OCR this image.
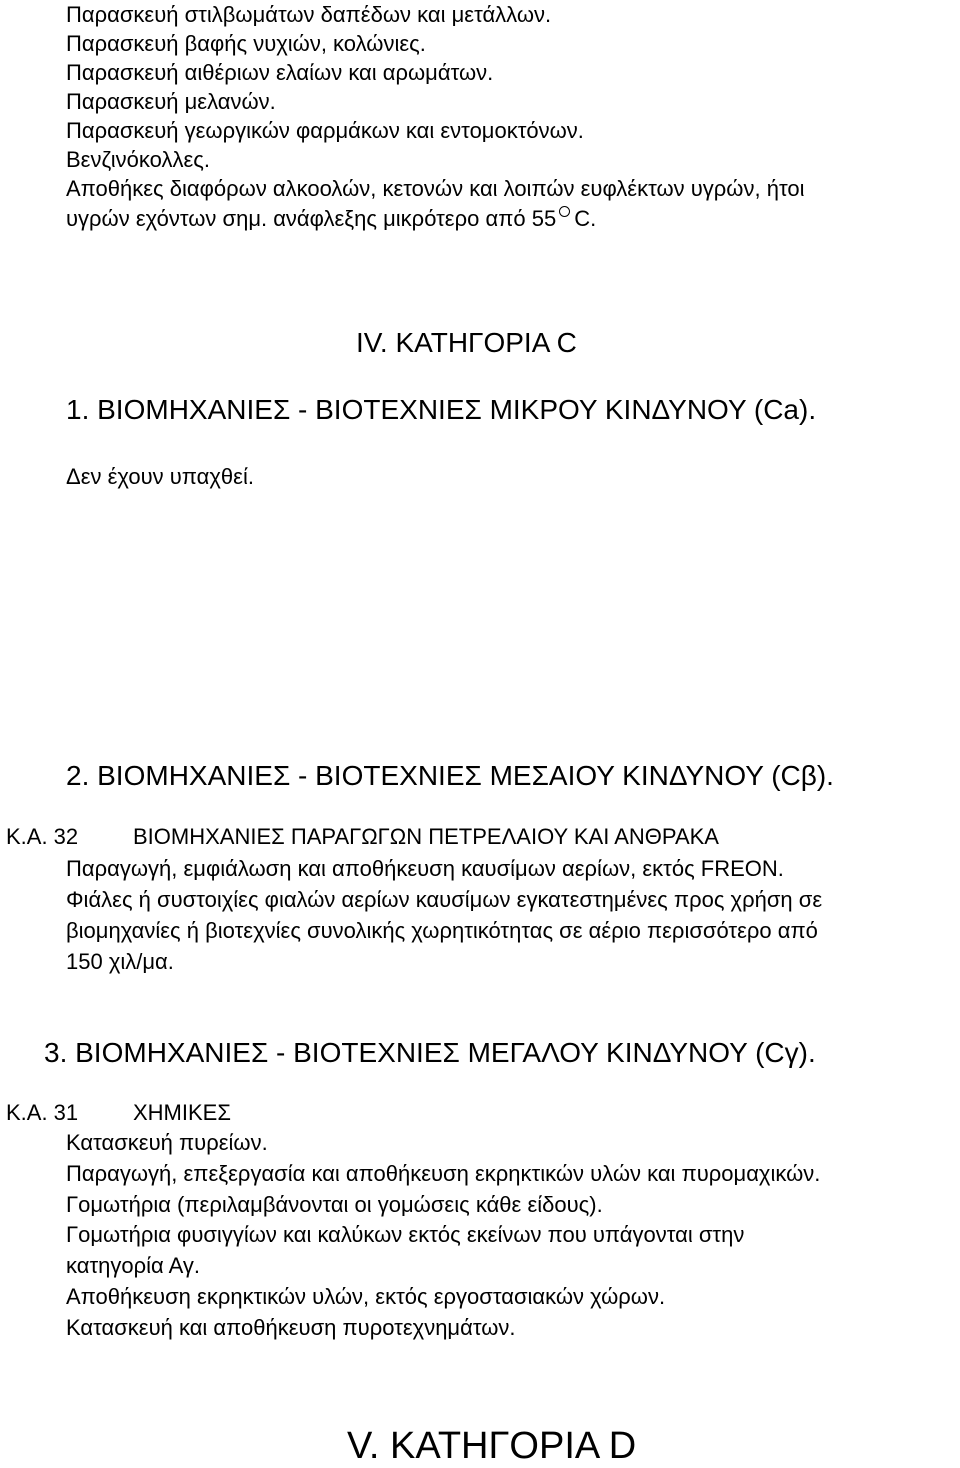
Παρασκευή στιλβωμάτων δαπέδων και μετάλλων.
Παρασκευή βαφής νυχιών, κολώνιες.
Παρασκευή αιθέριων ελαίων και αρωμάτων.
Παρασκευή μελανών.
Παρασκευή γεωργικών φαρμάκων και εντομοκτόνων.
Βενζινόκολλες.
Αποθήκες διαφόρων αλκοολών, κετονών και λοιπών ευφλέκτων υγρών, ήτοι
υγρών εχόντων σημ. ανάφλεξης μικρότερο από 55 C.
IV. ΚΑΤΗΓΟΡΙΑ C
1. ΒΙΟΜΗΧΑΝΙΕΣ - ΒΙΟΤΕΧΝΙΕΣ ΜΙΚΡΟΥ ΚΙΝΔΥΝΟΥ (Ca).
Δεν έχουν υπαχθεί.
2. ΒΙΟΜΗΧΑΝΙΕΣ - ΒΙΟΤΕΧΝΙΕΣ ΜΕΣΑΙΟΥ ΚΙΝΔΥΝΟΥ (Cβ).
Κ.Α. 32 ΒΙΟΜΗΧΑΝΙΕΣ ΠΑΡΑΓΩΓΩΝ ΠΕΤΡΕΛΑΙΟΥ ΚΑΙ ΑΝΘΡΑΚΑ
Παραγωγή, εμφιάλωση και αποθήκευση καυσίμων αερίων, εκτός FREON.
Φιάλες ή συστοιχίες φιαλών αερίων καυσίμων εγκατεστημένες προς χρήση σε
βιομηχανίες ή βιοτεχνίες συνολικής χωρητικότητας σε αέριο περισσότερο από
150 χιλ/μα.
3. ΒΙΟΜΗΧΑΝΙΕΣ - ΒΙΟΤΕΧΝΙΕΣ ΜΕΓΑΛΟΥ ΚΙΝΔΥΝΟΥ (Cγ).
Κ.Α. 31 ΧΗΜΙΚΕΣ
Κατασκευή πυρείων.
Παραγωγή, επεξεργασία και αποθήκευση εκρηκτικών υλών και πυρομαχικών.
Γομωτήρια (περιλαμβάνονται οι γομώσεις κάθε είδους).
Γομωτήρια φυσιγγίων και καλύκων εκτός εκείνων που υπάγονται στην
κατηγορία Αγ.
Αποθήκευση εκρηκτικών υλών, εκτός εργοστασιακών χώρων.
Κατασκευή και αποθήκευση πυροτεχνημάτων.
V. ΚΑΤΗΓΟΡΙΑ D
